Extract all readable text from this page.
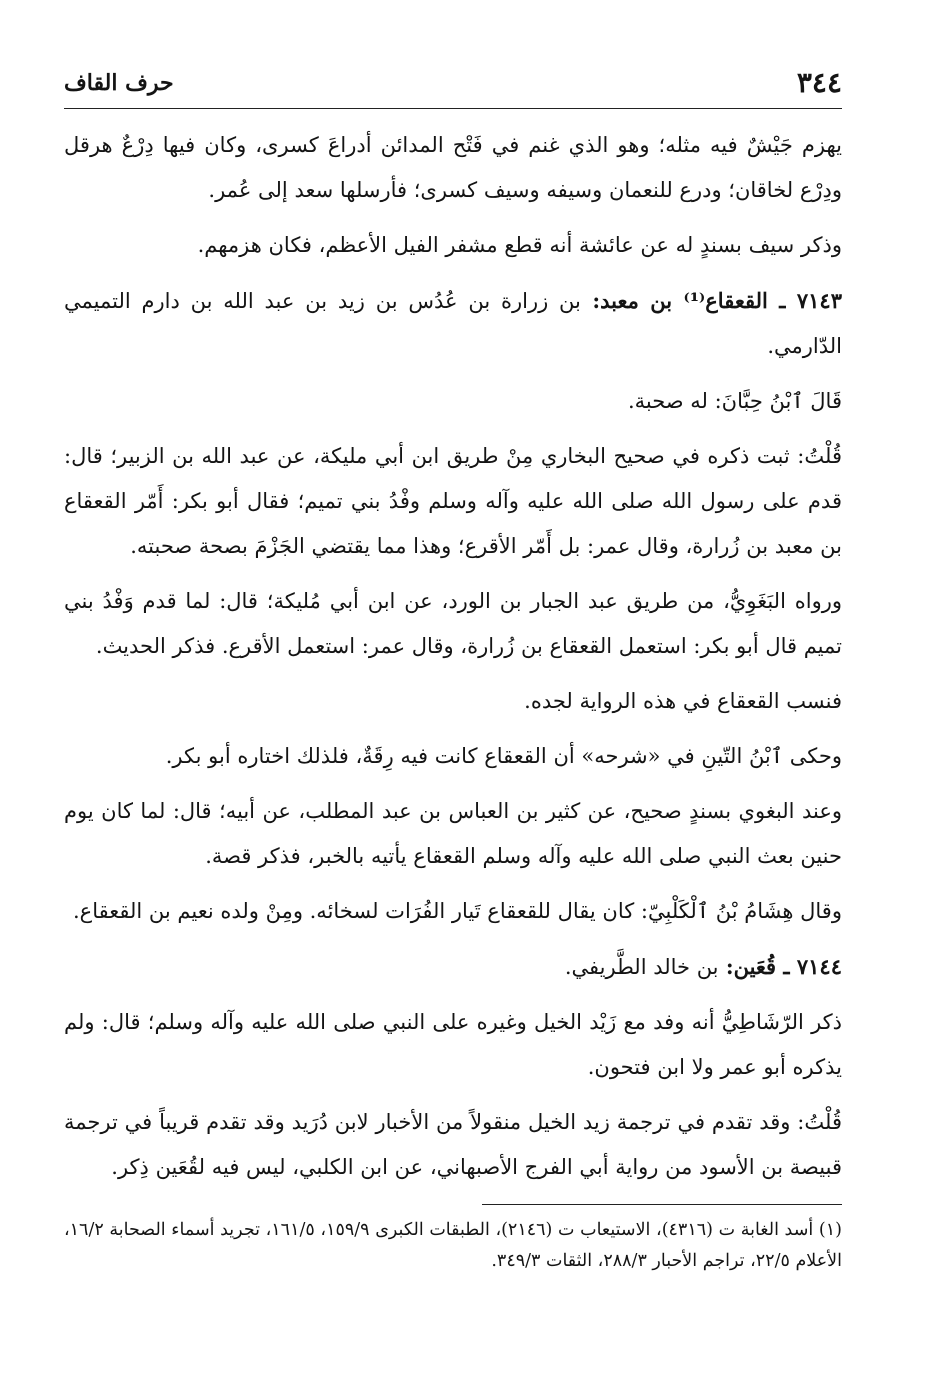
٣٤٤
حرف القاف

يهزم جَيْشٌ فيه مثله؛ وهو الذي غنم في فَتْح المدائن أدراعَ كسرى، وكان فيها دِرْعٌ هرقل ودِرْع لخاقان؛ ودرع للنعمان وسيفه وسيف كسرى؛ فأرسلها سعد إلى عُمر.

وذكر سيف بسندٍ له عن عائشة أنه قطع مشفر الفيل الأعظم، فكان هزمهم.

٧١٤٣ ـ القعقاع⁽¹⁾ بن معبد: بن زرارة بن عُدُس بن زيد بن عبد الله بن دارم التميمي الدّارمي.

قَالَ ٱبْنُ حِبَّانَ: له صحبة.

قُلْتُ: ثبت ذكره في صحيح البخاري مِنْ طريق ابن أبي مليكة، عن عبد الله بن الزبير؛ قال: قدم على رسول الله صلى الله عليه وآله وسلم وفْدُ بني تميم؛ فقال أبو بكر: أَمّر القعقاع بن معبد بن زُرارة، وقال عمر: بل أَمّر الأقرع؛ وهذا مما يقتضي الجَزْمَ بصحة صحبته.

ورواه البَغَوِيُّ، من طريق عبد الجبار بن الورد، عن ابن أبي مُليكة؛ قال: لما قدم وَفْدُ بني تميم قال أبو بكر: استعمل القعقاع بن زُرارة، وقال عمر: استعمل الأقرع. فذكر الحديث.

فنسب القعقاع في هذه الرواية لجده.

وحكى ٱبْنُ التّينِ في «شرحه» أن القعقاع كانت فيه رِقَةٌ، فلذلك اختاره أبو بكر.

وعند البغوي بسندٍ صحيح، عن كثير بن العباس بن عبد المطلب، عن أبيه؛ قال: لما كان يوم حنين بعث النبي صلى الله عليه وآله وسلم القعقاع يأتيه بالخبر، فذكر قصة.

وقال هِشَامُ بْنُ ٱلْكَلْبِيّ: كان يقال للقعقاع تَيار الفُرَات لسخائه. ومِنْ ولده نعيم بن القعقاع.

٧١٤٤ ـ قُعَين: بن خالد الطَّريفي.

ذكر الرّشَاطِيُّ أنه وفد مع زَيْد الخيل وغيره على النبي صلى الله عليه وآله وسلم؛ قال: ولم يذكره أبو عمر ولا ابن فتحون.

قُلْتُ: وقد تقدم في ترجمة زيد الخيل منقولاً من الأخبار لابن دُرَيد وقد تقدم قريباً في ترجمة قبيصة بن الأسود من رواية أبي الفرج الأصبهاني، عن ابن الكلبي، ليس فيه لقُعَين ذِكر.

(١) أسد الغابة ت (٤٣١٦)، الاستيعاب ت (٢١٤٦)، الطبقات الكبرى ١٥٩/٩، ١٦١/٥، تجريد أسماء الصحابة ١٦/٢، الأعلام ٢٢/٥، تراجم الأحبار ٢٨٨/٣، الثقات ٣٤٩/٣.
